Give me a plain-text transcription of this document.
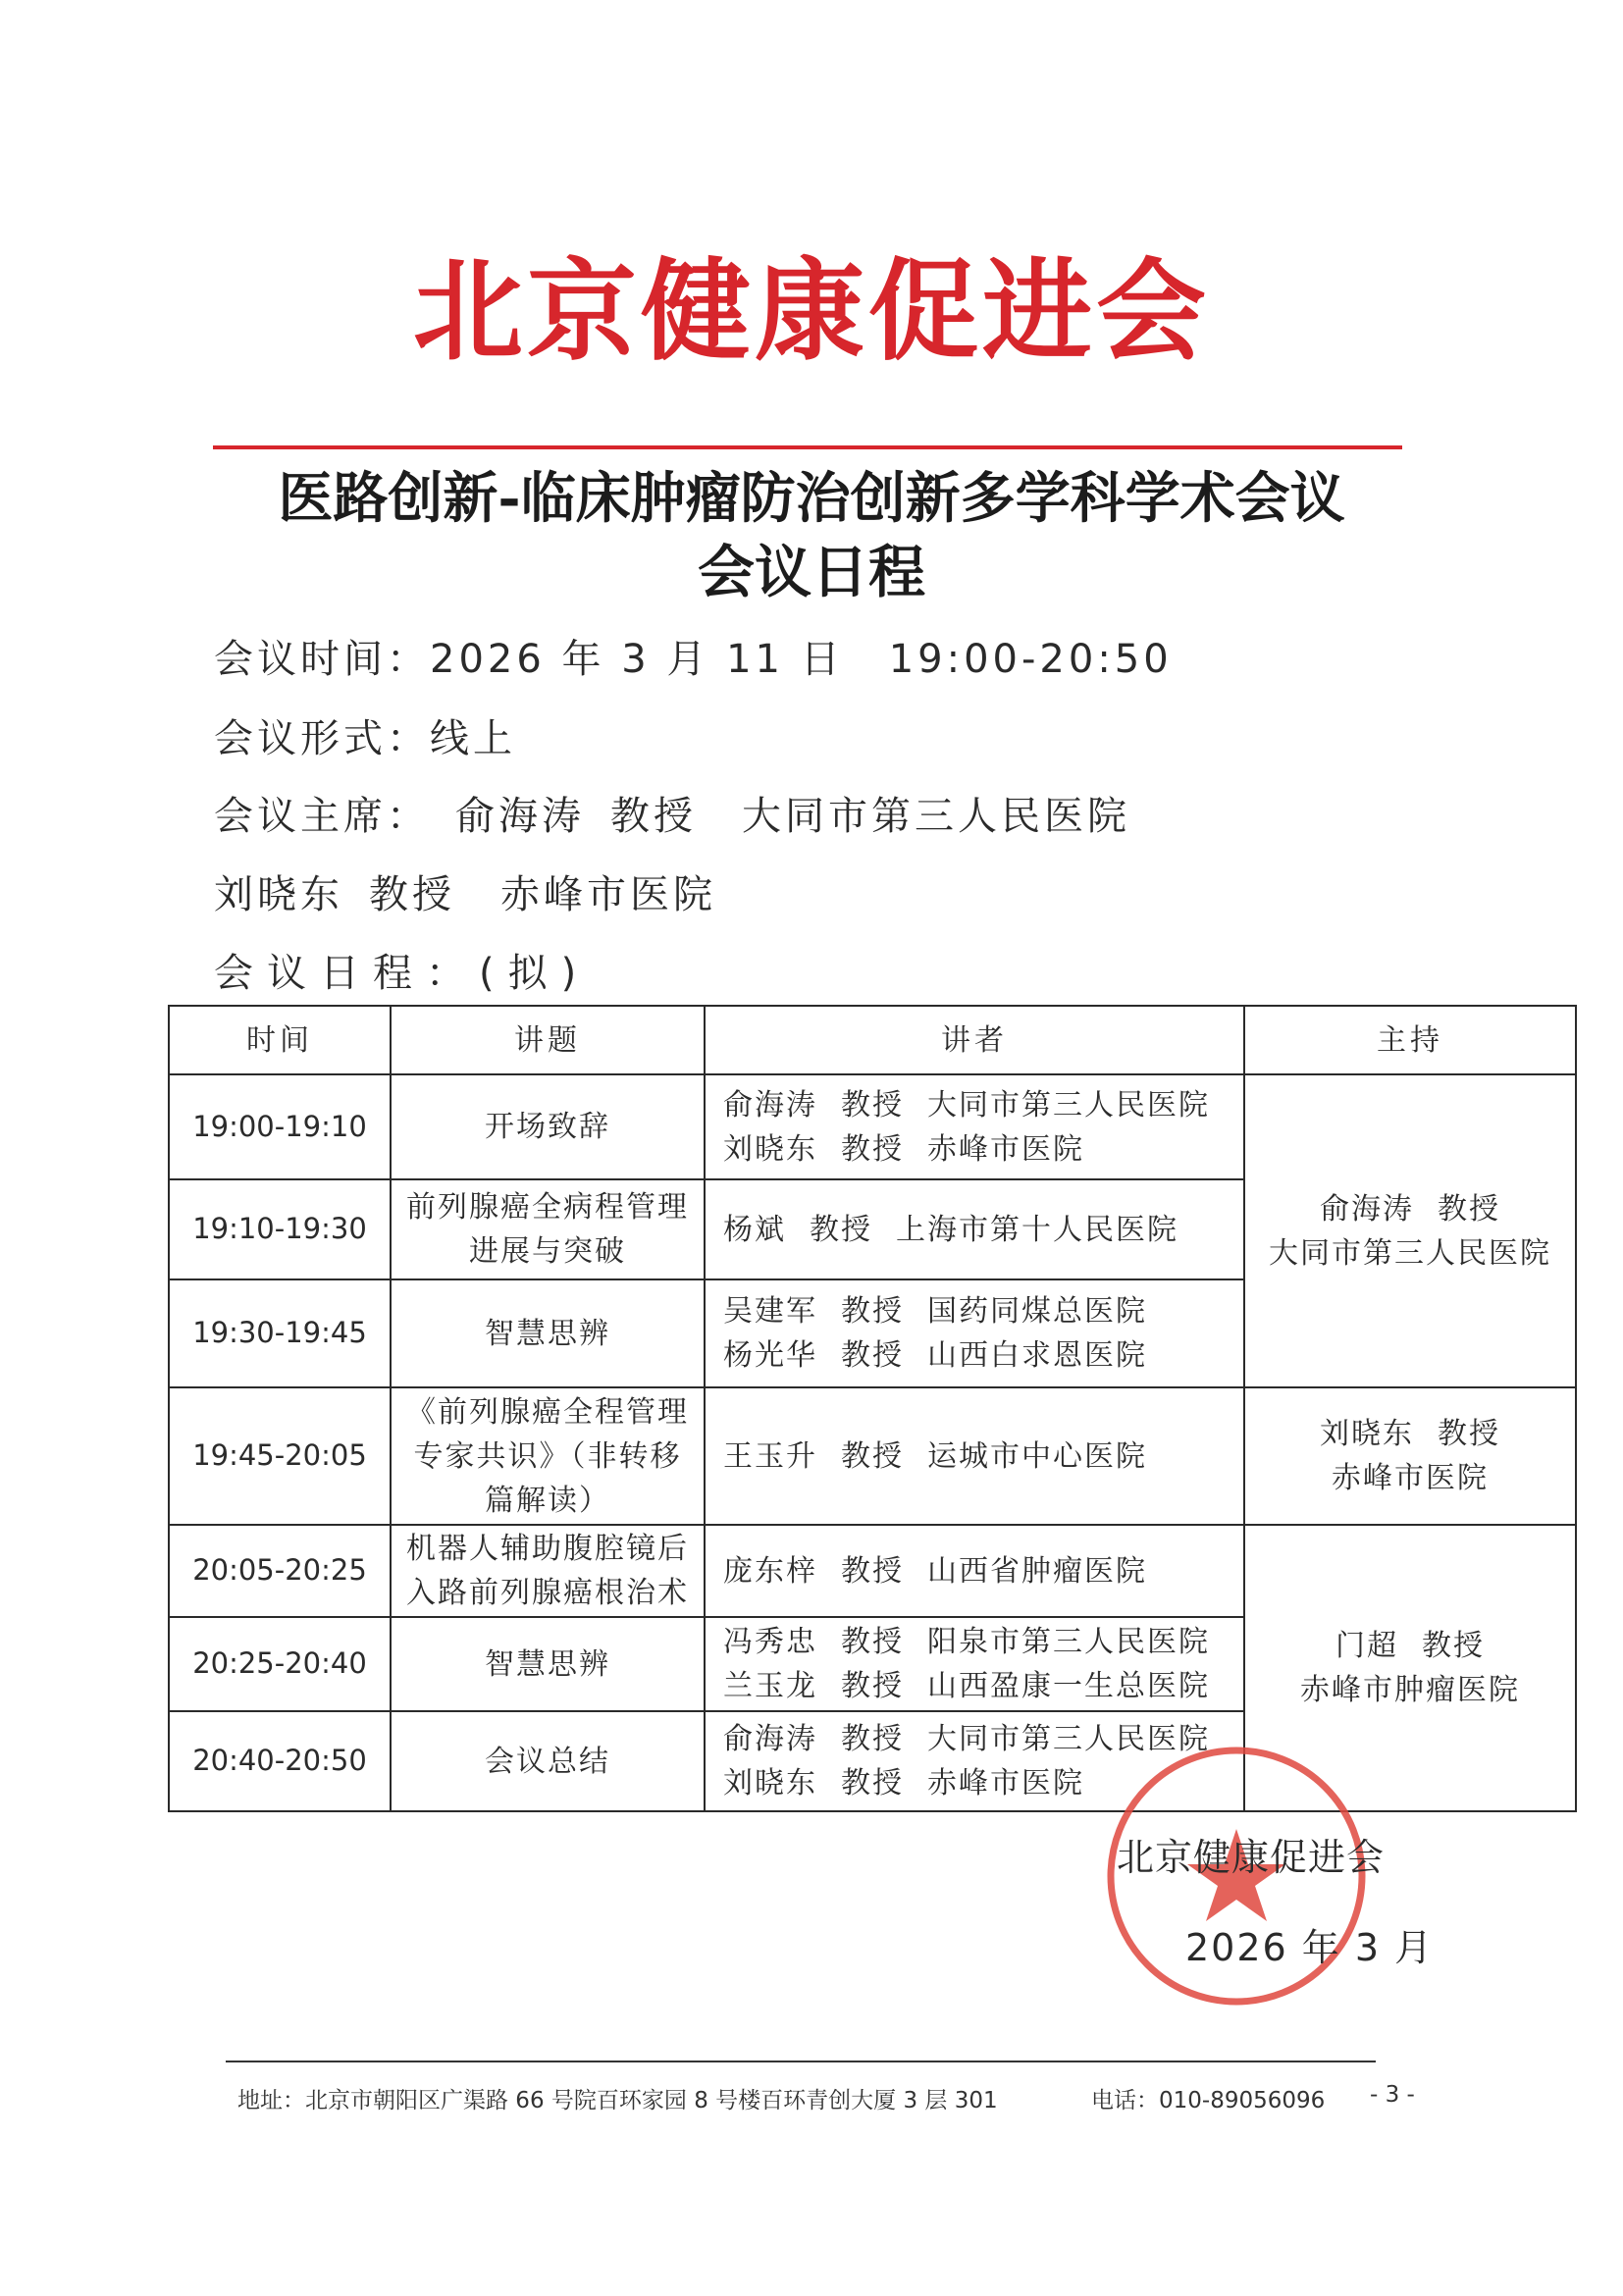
北京健康促进会
医路创新-临床肿瘤防治创新多学科学术会议
会议日程
会议时间：2026 年 3 月 11 日 19:00-20:50
会议形式：线上
会议主席： 俞海涛 教授 大同市第三人民医院
刘晓东 教授 赤峰市医院
会议日程：(拟)
时间	讲题	讲者	主持
19:00-19:10	开场致辞	俞海涛 教授 大同市第三人民医院
刘晓东 教授 赤峰市医院	俞海涛 教授
大同市第三人民医院

19:10-19:30	前列腺癌全病程管理
进展与突破	杨斌 教授 上海市第十人民医院	

19:30-19:45	智慧思辨	吴建军 教授 国药同煤总医院
杨光华 教授 山西白求恩医院	

19:45-20:05	《前列腺癌全程管理
专家共识》（非转移
篇解读）	王玉升 教授 运城市中心医院	刘晓东 教授
赤峰市医院

20:05-20:25	机器人辅助腹腔镜后
入路前列腺癌根治术	庞东梓 教授 山西省肿瘤医院	门超 教授
赤峰市肿瘤医院

20:25-20:40	智慧思辨	冯秀忠 教授 阳泉市第三人民医院
兰玉龙 教授 山西盈康一生总医院	

20:40-20:50	会议总结	俞海涛 教授 大同市第三人民医院
刘晓东 教授 赤峰市医院	
北京健康促进会
2026 年 3 月
地址：北京市朝阳区广渠路 66 号院百环家园 8 号楼百环青创大厦 3 层 301	电话：010-89056096 - 3 -
